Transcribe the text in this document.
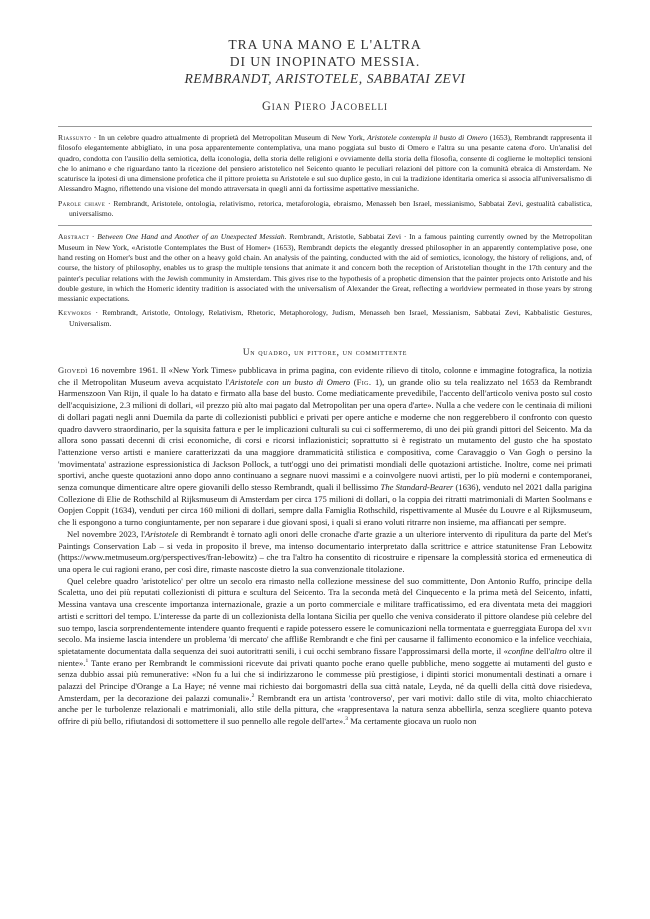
TRA UNA MANO E L'ALTRA
DI UN INOPINATO MESSIA.
REMBRANDT, ARISTOTELE, SABBATAI ZEVI
Gian Piero Jacobelli

Riassunto · In un celebre quadro attualmente di proprietà del Metropolitan Museum di New York, Aristotele contempla il busto di Omero (1653), Rembrandt rappresenta il filosofo elegantemente abbigliato, in una posa apparentemente contemplativa, una mano poggiata sul busto di Omero e l'altra su una pesante catena d'oro. Un'analisi del quadro, condotta con l'ausilio della semiotica, della iconologia, della storia delle religioni e ovviamente della storia della filosofia, consente di coglierne le molteplici tensioni che lo animano e che riguardano tanto la ricezione del pensiero aristotelico nel Seicento quanto le peculiari relazioni del pittore con la comunità ebraica di Amsterdam. Ne scaturisce la ipotesi di una dimensione profetica che il pittore proietta su Aristotele e sul suo duplice gesto, in cui la tradizione identitaria omerica si associa all'universalismo di Alessandro Magno, riflettendo una visione del mondo attraversata in quegli anni da fortissime aspettative messianiche.

Parole chiave · Rembrandt, Aristotele, ontologia, relativismo, retorica, metaforologia, ebraismo, Menasseh ben Israel, messianismo, Sabbatai Zevi, gestualità cabalistica, universalismo.

Abstract · Between One Hand and Another of an Unexpected Messiah. Rembrandt, Aristotle, Sabbatai Zevi · In a famous painting currently owned by the Metropolitan Museum in New York, «Aristotle Contemplates the Bust of Homer» (1653), Rembrandt depicts the elegantly dressed philosopher in an apparently contemplative pose, one hand resting on Homer's bust and the other on a heavy gold chain. An analysis of the painting, conducted with the aid of semiotics, iconology, the history of religions, and, of course, the history of philosophy, enables us to grasp the multiple tensions that animate it and concern both the reception of Aristotelian thought in the 17th century and the painter's peculiar relations with the Jewish community in Amsterdam. This gives rise to the hypothesis of a prophetic dimension that the painter projects onto Aristotle and his double gesture, in which the Homeric identity tradition is associated with the universalism of Alexander the Great, reflecting a worldview permeated in those years by strong messianic expectations.

Keywords · Rembrandt, Aristotle, Ontology, Relativism, Rhetoric, Metaphorology, Judism, Menasseh ben Israel, Messianism, Sabbatai Zevi, Kabbalistic Gestures, Universalism.

Un quadro, un pittore, un committente

Giovedì 16 novembre 1961. Il «New York Times» pubblicava in prima pagina, con evidente rilievo di titolo, colonne e immagine fotografica, la notizia che il Metropolitan Museum aveva acquistato l'Aristotele con un busto di Omero (Fig. 1), un grande olio su tela realizzato nel 1653 da Rembrandt Harmenszoon Van Rijn, il quale lo ha datato e firmato alla base del busto. Come mediaticamente prevedibile, l'accento dell'articolo veniva posto sul costo dell'acquisizione, 2.3 milioni di dollari, «il prezzo più alto mai pagato dal Metropolitan per una opera d'arte». Nulla a che vedere con le centinaia di milioni di dollari pagati negli anni Duemila da parte di collezionisti pubblici e privati per opere antiche e moderne che non reggerebbero il confronto con questo quadro davvero straordinario, per la squisita fattura e per le implicazioni culturali su cui ci soffermeremo, di uno dei più grandi pittori del Seicento. Ma da allora sono passati decenni di crisi economiche, di corsi e ricorsi inflazionistici; soprattutto si è registrato un mutamento del gusto che ha spostato l'attenzione verso artisti e maniere caratterizzati da una maggiore drammaticità stilistica e compositiva, come Caravaggio o Van Gogh o persino la 'movimentata' astrazione espressionistica di Jackson Pollock, a tutt'oggi uno dei primatisti mondiali delle quotazioni artistiche. Inoltre, come nei primati sportivi, anche queste quotazioni anno dopo anno continuano a segnare nuovi massimi e a coinvolgere nuovi artisti, per lo più moderni e contemporanei, senza comunque dimenticare altre opere giovanili dello stesso Rembrandt, quali il bellissimo The Standard-Bearer (1636), venduto nel 2021 dalla parigina Collezione di Elie de Rothschild al Rijksmuseum di Amsterdam per circa 175 milioni di dollari, o la coppia dei ritratti matrimoniali di Marten Soolmans e Oopjen Coppit (1634), venduti per circa 160 milioni di dollari, sempre dalla Famiglia Rothschild, rispettivamente al Musée du Louvre e al Rijksmuseum, che li espongono a turno congiuntamente, per non separare i due giovani sposi, i quali si erano voluti ritrarre non insieme, ma affiancati per sempre.

Nel novembre 2023, l'Aristotele di Rembrandt è tornato agli onori delle cronache d'arte grazie a un ulteriore intervento di ripulitura da parte del Met's Paintings Conservation Lab – si veda in proposito il breve, ma intenso documentario interpretato dalla scrittrice e attrice statunitense Fran Lebowitz (https://www.metmuseum.org/perspectives/fran-lebowitz) – che tra l'altro ha consentito di ricostruire e ripensare la complessità storica ed ermeneutica di una opera le cui ragioni erano, per così dire, rimaste nascoste dietro la sua convenzionale titolazione.

Quel celebre quadro 'aristotelico' per oltre un secolo era rimasto nella collezione messinese del suo committente, Don Antonio Ruffo, principe della Scaletta, uno dei più reputati collezionisti di pittura e scultura del Seicento. Tra la seconda metà del Cinquecento e la prima metà del Seicento, infatti, Messina vantava una crescente importanza internazionale, grazie a un porto commerciale e militare trafficatissimo, ed era diventata meta dei maggiori artisti e scrittori del tempo. L'interesse da parte di un collezionista della lontana Sicilia per quello che veniva considerato il pittore olandese più celebre del suo tempo, lascia sorprendentemente intendere quanto frequenti e rapide potessero essere le comunicazioni nella tormentata e guerreggiata Europa del xvii secolo. Ma insieme lascia intendere un problema 'di mercato' che affliße Rembrandt e che finì per causarne il fallimento economico e la infelice vecchiaia, spietatamente documentata dalla sequenza dei suoi autoritratti senili, i cui occhi sembrano fissare l'approssimarsi della morte, il «confine dell'altro oltre il niente».$^1$ Tante erano per Rembrandt le commissioni ricevute dai privati quanto poche erano quelle pubbliche, meno soggette ai mutamenti del gusto e senza dubbio assai più remunerative: «Non fu a lui che si indirizzarono le commesse più prestigiose, i dipinti storici monumentali destinati a ornare i palazzi del Principe d'Orange a La Haye; né venne mai richiesto dai borgomastri della sua città natale, Leyda, né da quelli della città dove risiedeva, Amsterdam, per la decorazione dei palazzi comunali».$^2$ Rembrandt era un artista 'controverso', per vari motivi: dallo stile di vita, molto chiacchierato anche per le turbolenze relazionali e matrimoniali, allo stile della pittura, che «rappresentava la natura senza abbellirla, senza scegliere quanto poteva offrire di più bello, rifiutandosi di sottomettere il suo pennello alle regole dell'arte».$^3$ Ma certamente giocava un ruolo non
